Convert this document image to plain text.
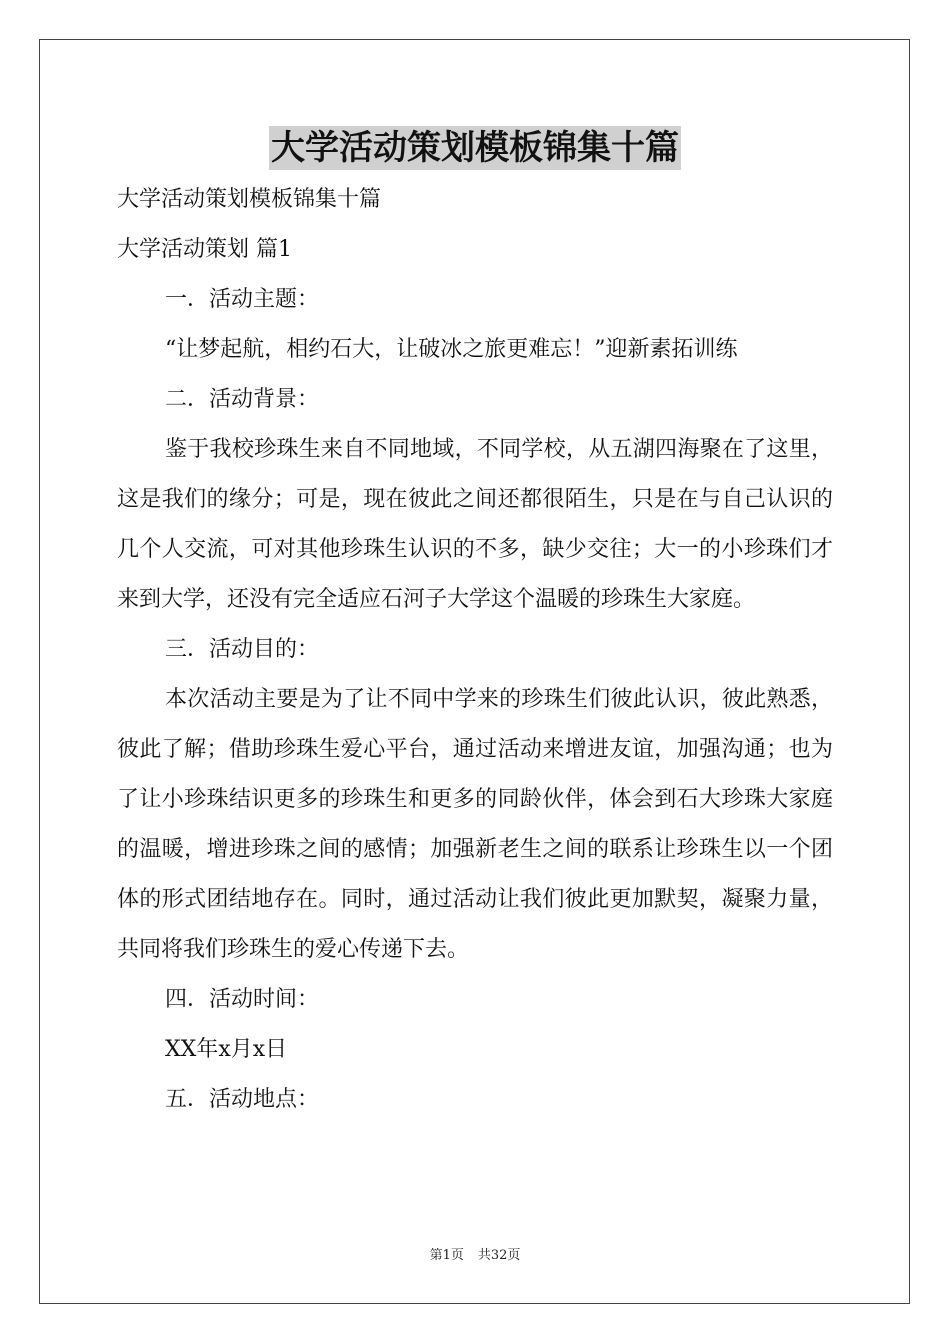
大学活动策划模板锦集十篇

大学活动策划模板锦集十篇

大学活动策划 篇1

一．活动主题：

“让梦起航，相约石大，让破冰之旅更难忘！”迎新素拓训练

二．活动背景：

鉴于我校珍珠生来自不同地域，不同学校，从五湖四海聚在了这里，这是我们的缘分；可是，现在彼此之间还都很陌生，只是在与自己认识的几个人交流，可对其他珍珠生认识的不多，缺少交往；大一的小珍珠们才来到大学，还没有完全适应石河子大学这个温暖的珍珠生大家庭。

三．活动目的：

本次活动主要是为了让不同中学来的珍珠生们彼此认识，彼此熟悉，彼此了解；借助珍珠生爱心平台，通过活动来增进友谊，加强沟通；也为了让小珍珠结识更多的珍珠生和更多的同龄伙伴，体会到石大珍珠大家庭的温暖，增进珍珠之间的感情；加强新老生之间的联系让珍珠生以一个团体的形式团结地存在。同时，通过活动让我们彼此更加默契，凝聚力量，共同将我们珍珠生的爱心传递下去。

四．活动时间：

XX年x月x日

五．活动地点：

第1页 共32页
